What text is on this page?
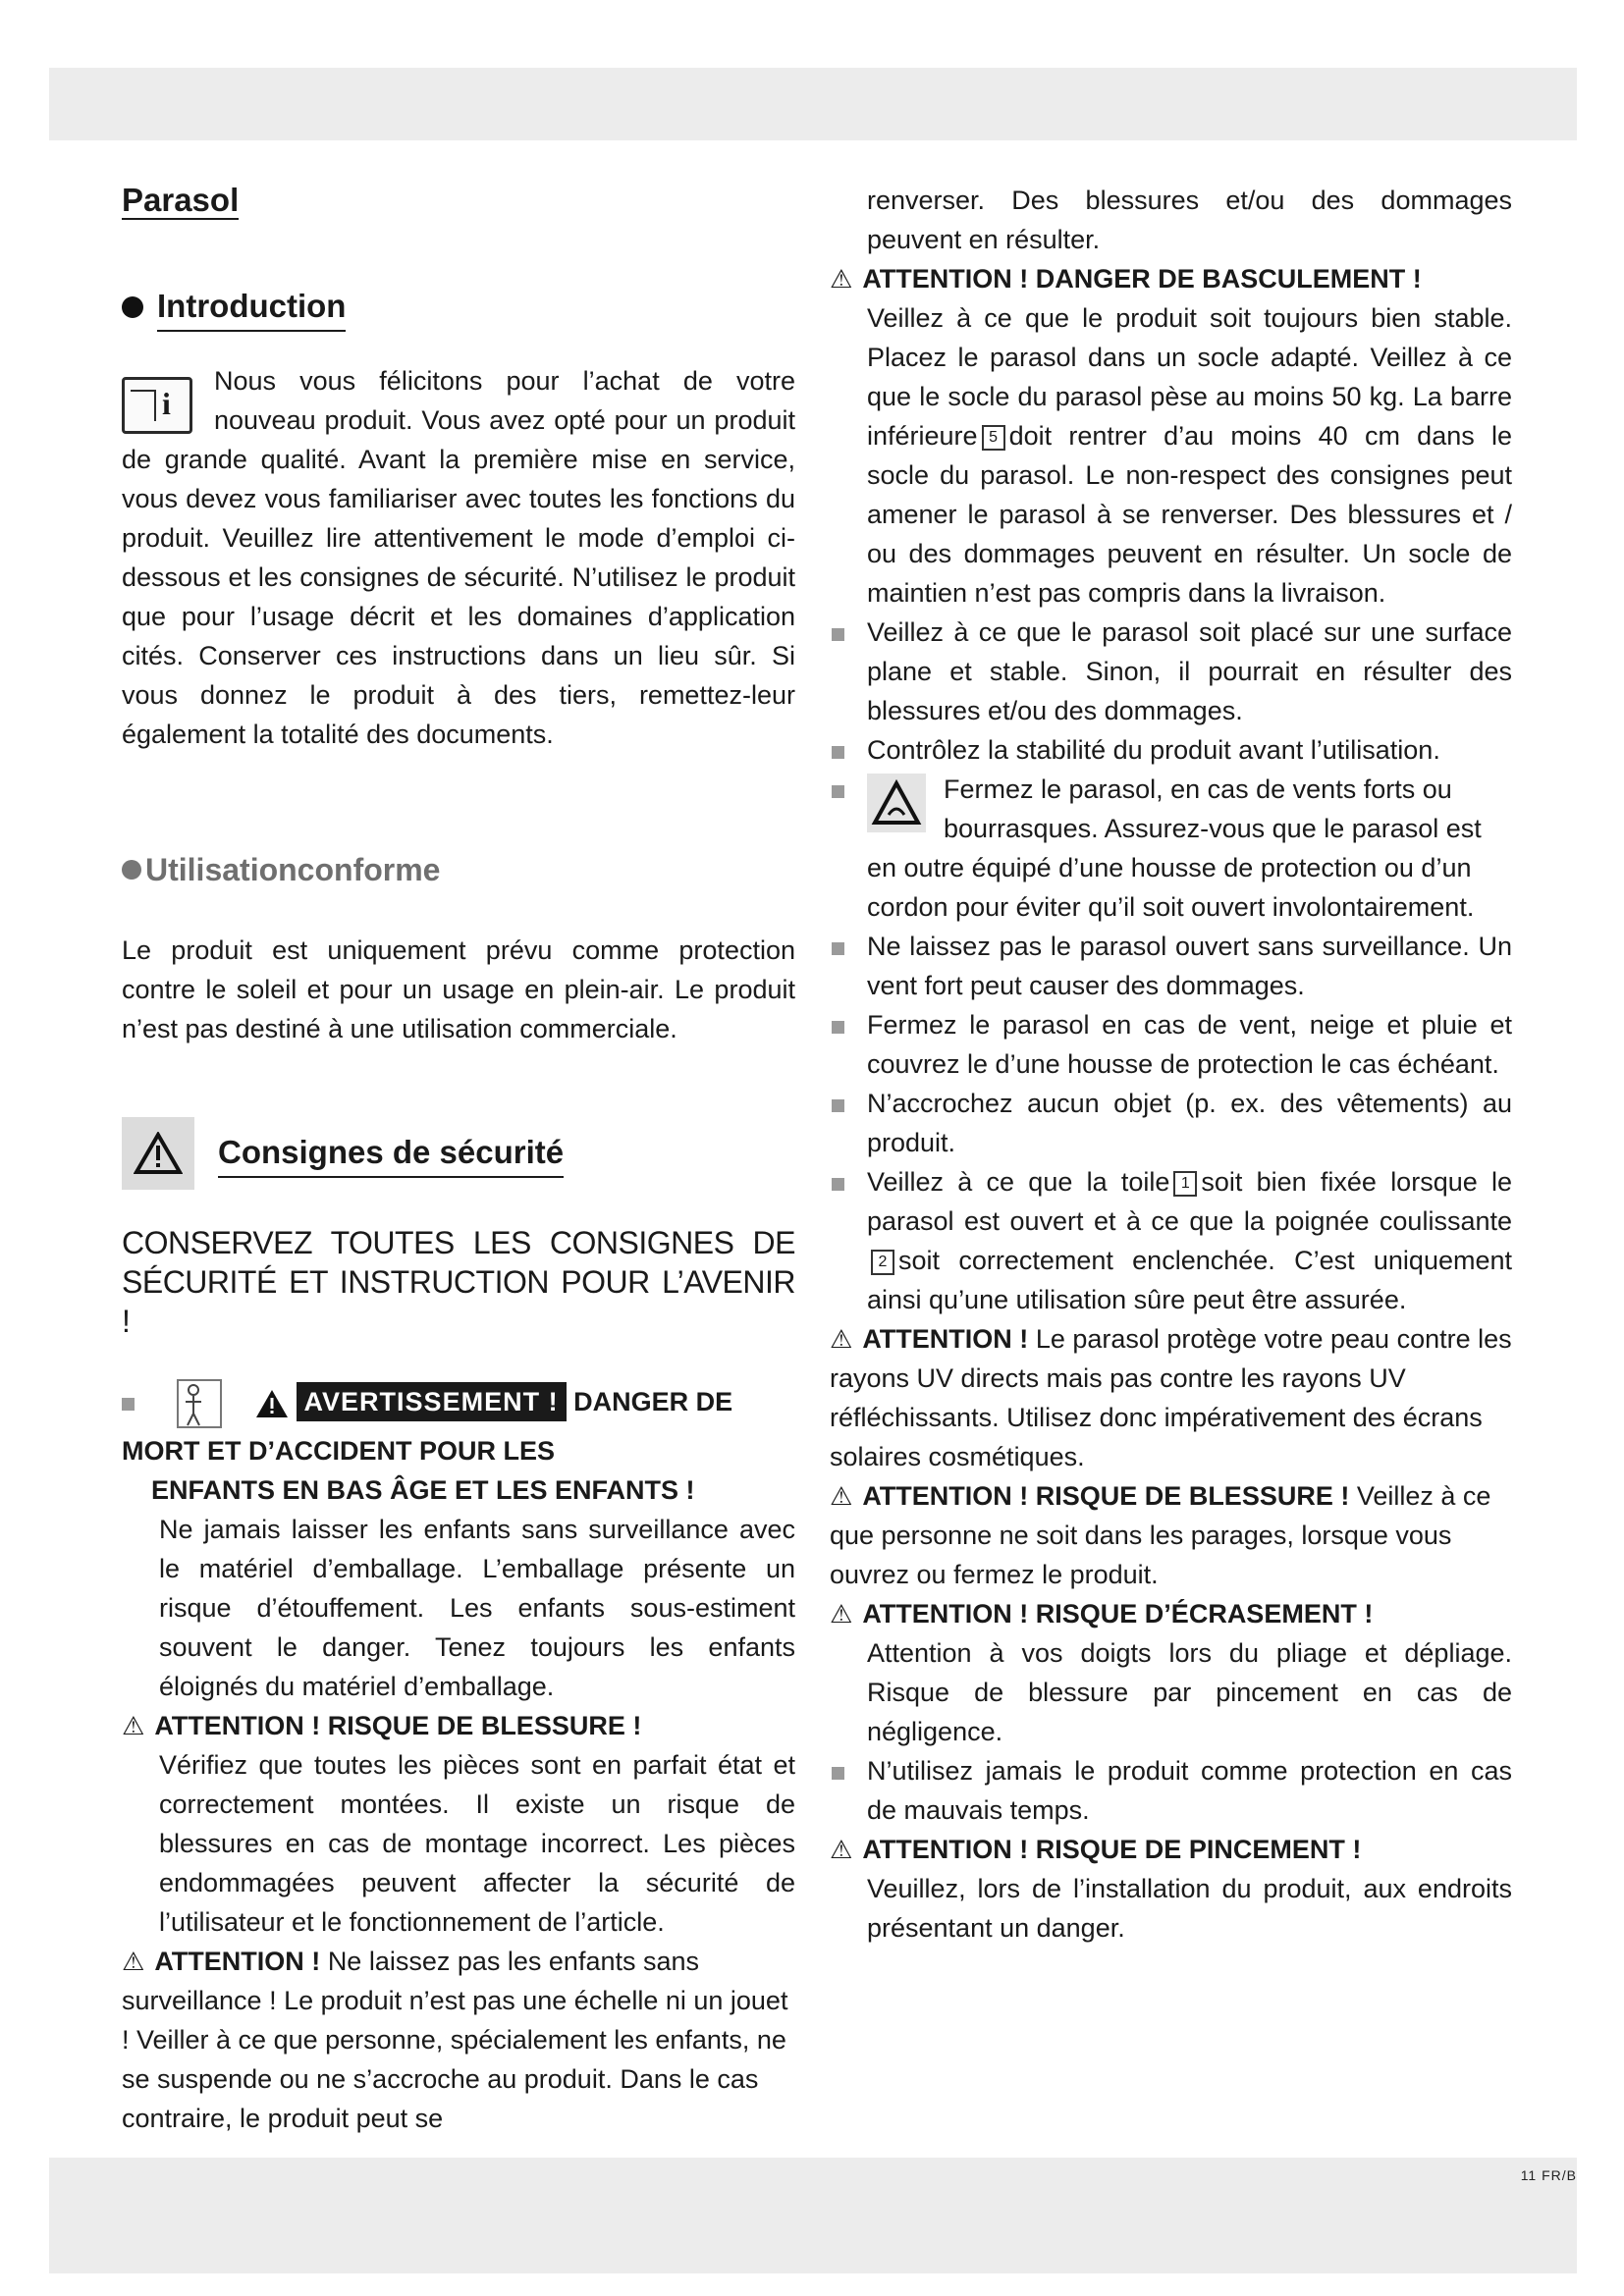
11 FR/B
Parasol
Introduction
i

Nous vous félicitons pour l’achat de votre nouveau produit. Vous avez opté pour un produit de grande qualité. Avant la première mise en service, vous devez vous familiariser avec toutes les fonctions du produit. Veuillez lire attentivement le mode d’emploi ci-dessous et les consignes de sécurité. N’utilisez le produit que pour l’usage décrit et les domaines d’application cités. Conserver ces instructions dans un lieu sûr. Si vous donnez le produit à des tiers, remettez-leur également la totalité des documents.

Utilisationconforme

Le produit est uniquement prévu comme protection contre le soleil et pour un usage en plein-air. Le produit n’est pas destiné à une utilisation commerciale.

Consignes de sécurité

CONSERVEZ TOUTES LES CONSIGNES DE SÉCURITÉ ET INSTRUCTION POUR L’AVENIR !

AVERTISSEMENT ! DANGER DE MORT ET D’ACCIDENT POUR LES
ENFANTS EN BAS ÂGE ET LES ENFANTS !

Ne jamais laisser les enfants sans surveillance avec le matériel d’emballage. L’emballage présente un risque d’étouffement. Les enfants sous-estiment souvent le danger. Tenez toujours les enfants éloignés du matériel d’emballage.

⚠ ATTENTION ! RISQUE DE BLESSURE !

Vérifiez que toutes les pièces sont en parfait état et correctement montées. Il existe un risque de blessures en cas de montage incorrect. Les pièces endommagées peuvent affecter la sécurité de l’utilisateur et le fonctionnement de l’article.

⚠ ATTENTION ! Ne laissez pas les enfants sans surveillance ! Le produit n’est pas une échelle ni un jouet ! Veiller à ce que personne, spécialement les enfants, ne se suspende ou ne s’accroche au produit. Dans le cas contraire, le produit peut se

renverser. Des blessures et/ou des dommages peuvent en résulter.

⚠ ATTENTION ! DANGER DE BASCULEMENT !

Veillez à ce que le produit soit toujours bien stable. Placez le parasol dans un socle adapté. Veillez à ce que le socle du parasol pèse au moins 50 kg. La barre inférieure 5 doit rentrer d’au moins 40 cm dans le socle du parasol. Le non-respect des consignes peut amener le parasol à se renverser. Des blessures et / ou des dommages peuvent en résulter. Un socle de maintien n’est pas compris dans la livraison.

Veillez à ce que le parasol soit placé sur une surface plane et stable. Sinon, il pourrait en résulter des blessures et/ou des dommages.

Contrôlez la stabilité du produit avant l’utilisation.

Fermez le parasol, en cas de vents forts ou bourrasques. Assurez-vous que le parasol est en outre équipé d’une housse de protection ou d’un cordon pour éviter qu’il soit ouvert involontairement.

Ne laissez pas le parasol ouvert sans surveillance. Un vent fort peut causer des dommages.

Fermez le parasol en cas de vent, neige et pluie et couvrez le d’une housse de protection le cas échéant.

N’accrochez aucun objet (p. ex. des vêtements) au produit.

Veillez à ce que la toile 1 soit bien fixée lorsque le parasol est ouvert et à ce que la poignée coulissante2 soit correctement enclenchée. C’est uniquement ainsi qu’une utilisation sûre peut être assurée.

⚠ ATTENTION ! Le parasol protège votre peau contre les rayons UV directs mais pas contre les rayons UV réfléchissants. Utilisez donc impérativement des écrans solaires cosmétiques.
⚠ ATTENTION ! RISQUE DE BLESSURE ! Veillez à ce que personne ne soit dans les parages, lorsque vous ouvrez ou fermez le produit.
⚠ ATTENTION ! RISQUE D’ÉCRASEMENT !

Attention à vos doigts lors du pliage et dépliage. Risque de blessure par pincement en cas de négligence.

N’utilisez jamais le produit comme protection en cas de mauvais temps.

⚠ ATTENTION ! RISQUE DE PINCEMENT !

Veuillez, lors de l’installation du produit, aux endroits présentant un danger.
